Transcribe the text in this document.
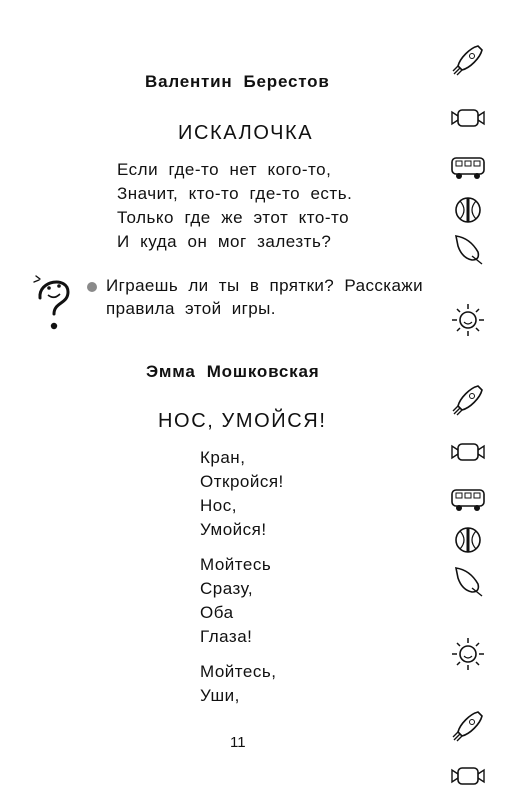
Валентин  Берестов
ИСКАЛОЧКА
Если  где-то  нет  кого-то,
Значит,  кто-то  где-то  есть.
Только  где  же  этот  кто-то
И  куда  он  мог  залезть?
Играешь  ли  ты  в  прятки?  Расскажи
правила  этой  игры.
Эмма  Мошковская
НОС, УМОЙСЯ!
Кран,
Откройся!
Нос,
Умойся!
Мойтесь
Сразу,
Оба
Глаза!
Мойтесь,
Уши,
11
